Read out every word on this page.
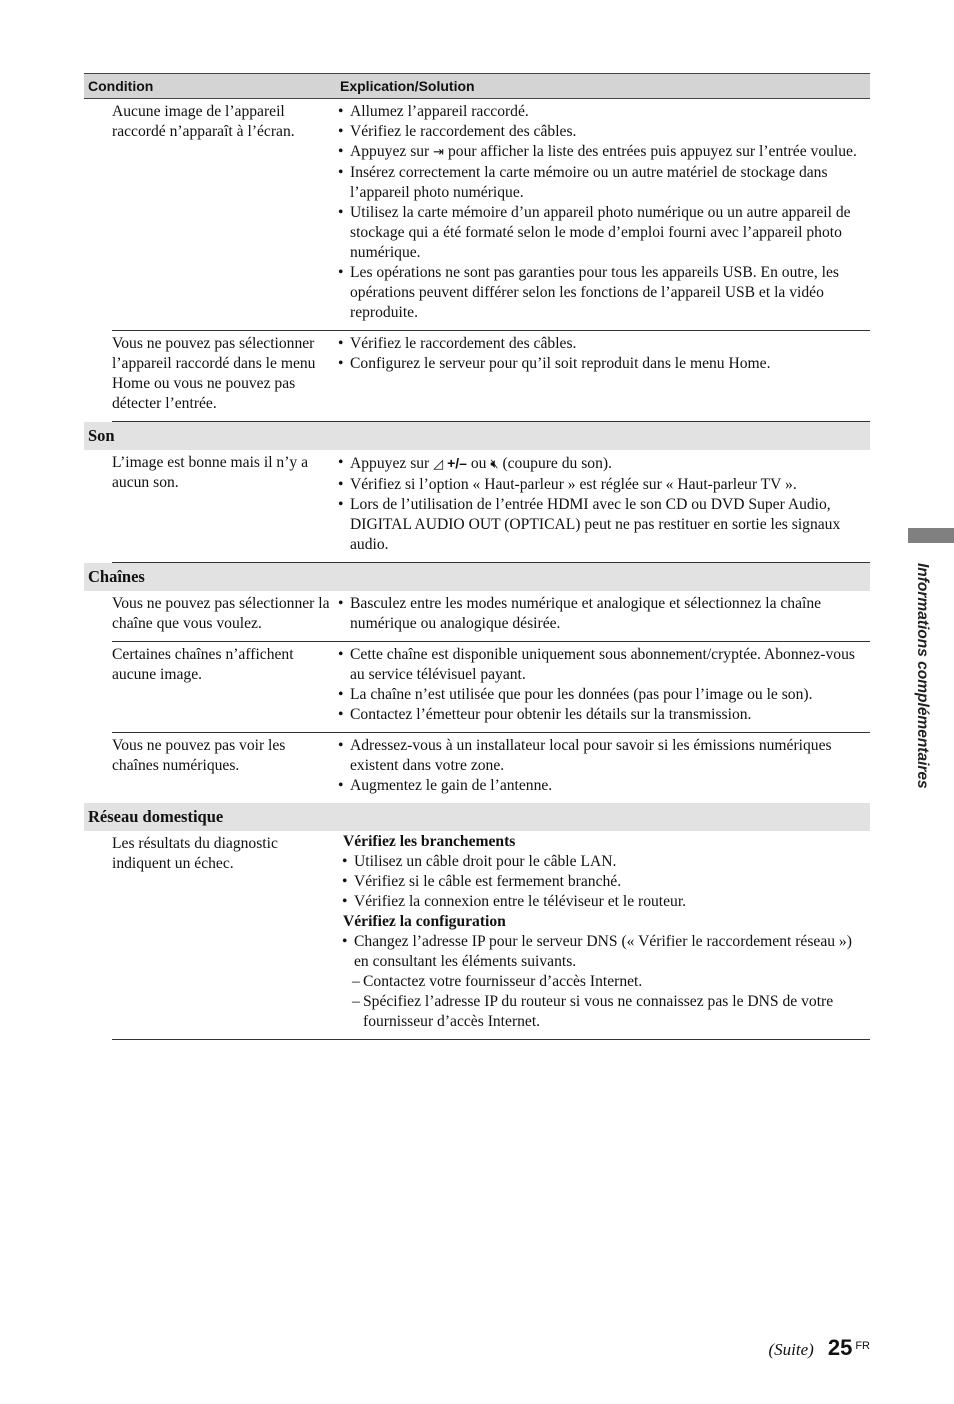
Condition	Explication/Solution
Aucune image de l’appareil raccordé n’apparaît à l’écran.
• Allumez l’appareil raccordé.
• Vérifiez le raccordement des câbles.
• Appuyez sur ⇥ pour afficher la liste des entrées puis appuyez sur l’entrée voulue.
• Insérez correctement la carte mémoire ou un autre matériel de stockage dans l’appareil photo numérique.
• Utilisez la carte mémoire d’un appareil photo numérique ou un autre appareil de stockage qui a été formaté selon le mode d’emploi fourni avec l’appareil photo numérique.
• Les opérations ne sont pas garanties pour tous les appareils USB. En outre, les opérations peuvent différer selon les fonctions de l’appareil USB et la vidéo reproduite.
Vous ne pouvez pas sélectionner l’appareil raccordé dans le menu Home ou vous ne pouvez pas détecter l’entrée.
• Vérifiez le raccordement des câbles.
• Configurez le serveur pour qu’il soit reproduit dans le menu Home.
Son
L’image est bonne mais il n’y a aucun son.
• Appuyez sur ◿ +/– ou 🔇︎ (coupure du son).
• Vérifiez si l’option « Haut-parleur » est réglée sur « Haut-parleur TV ».
• Lors de l’utilisation de l’entrée HDMI avec le son CD ou DVD Super Audio, DIGITAL AUDIO OUT (OPTICAL) peut ne pas restituer en sortie les signaux audio.
Chaînes
Vous ne pouvez pas sélectionner la chaîne que vous voulez.
• Basculez entre les modes numérique et analogique et sélectionnez la chaîne numérique ou analogique désirée.
Certaines chaînes n’affichent aucune image.
• Cette chaîne est disponible uniquement sous abonnement/cryptée. Abonnez-vous au service télévisuel payant.
• La chaîne n’est utilisée que pour les données (pas pour l’image ou le son).
• Contactez l’émetteur pour obtenir les détails sur la transmission.
Vous ne pouvez pas voir les chaînes numériques.
• Adressez-vous à un installateur local pour savoir si les émissions numériques existent dans votre zone.
• Augmentez le gain de l’antenne.
Réseau domestique
Les résultats du diagnostic indiquent un échec.
Vérifiez les branchements
• Utilisez un câble droit pour le câble LAN.
• Vérifiez si le câble est fermement branché.
• Vérifiez la connexion entre le téléviseur et le routeur.
Vérifiez la configuration
• Changez l’adresse IP pour le serveur DNS (« Vérifier le raccordement réseau ») en consultant les éléments suivants.
– Contactez votre fournisseur d’accès Internet.
– Spécifiez l’adresse IP du routeur si vous ne connaissez pas le DNS de votre fournisseur d’accès Internet.
Informations complémentaires
(Suite) 25 FR
